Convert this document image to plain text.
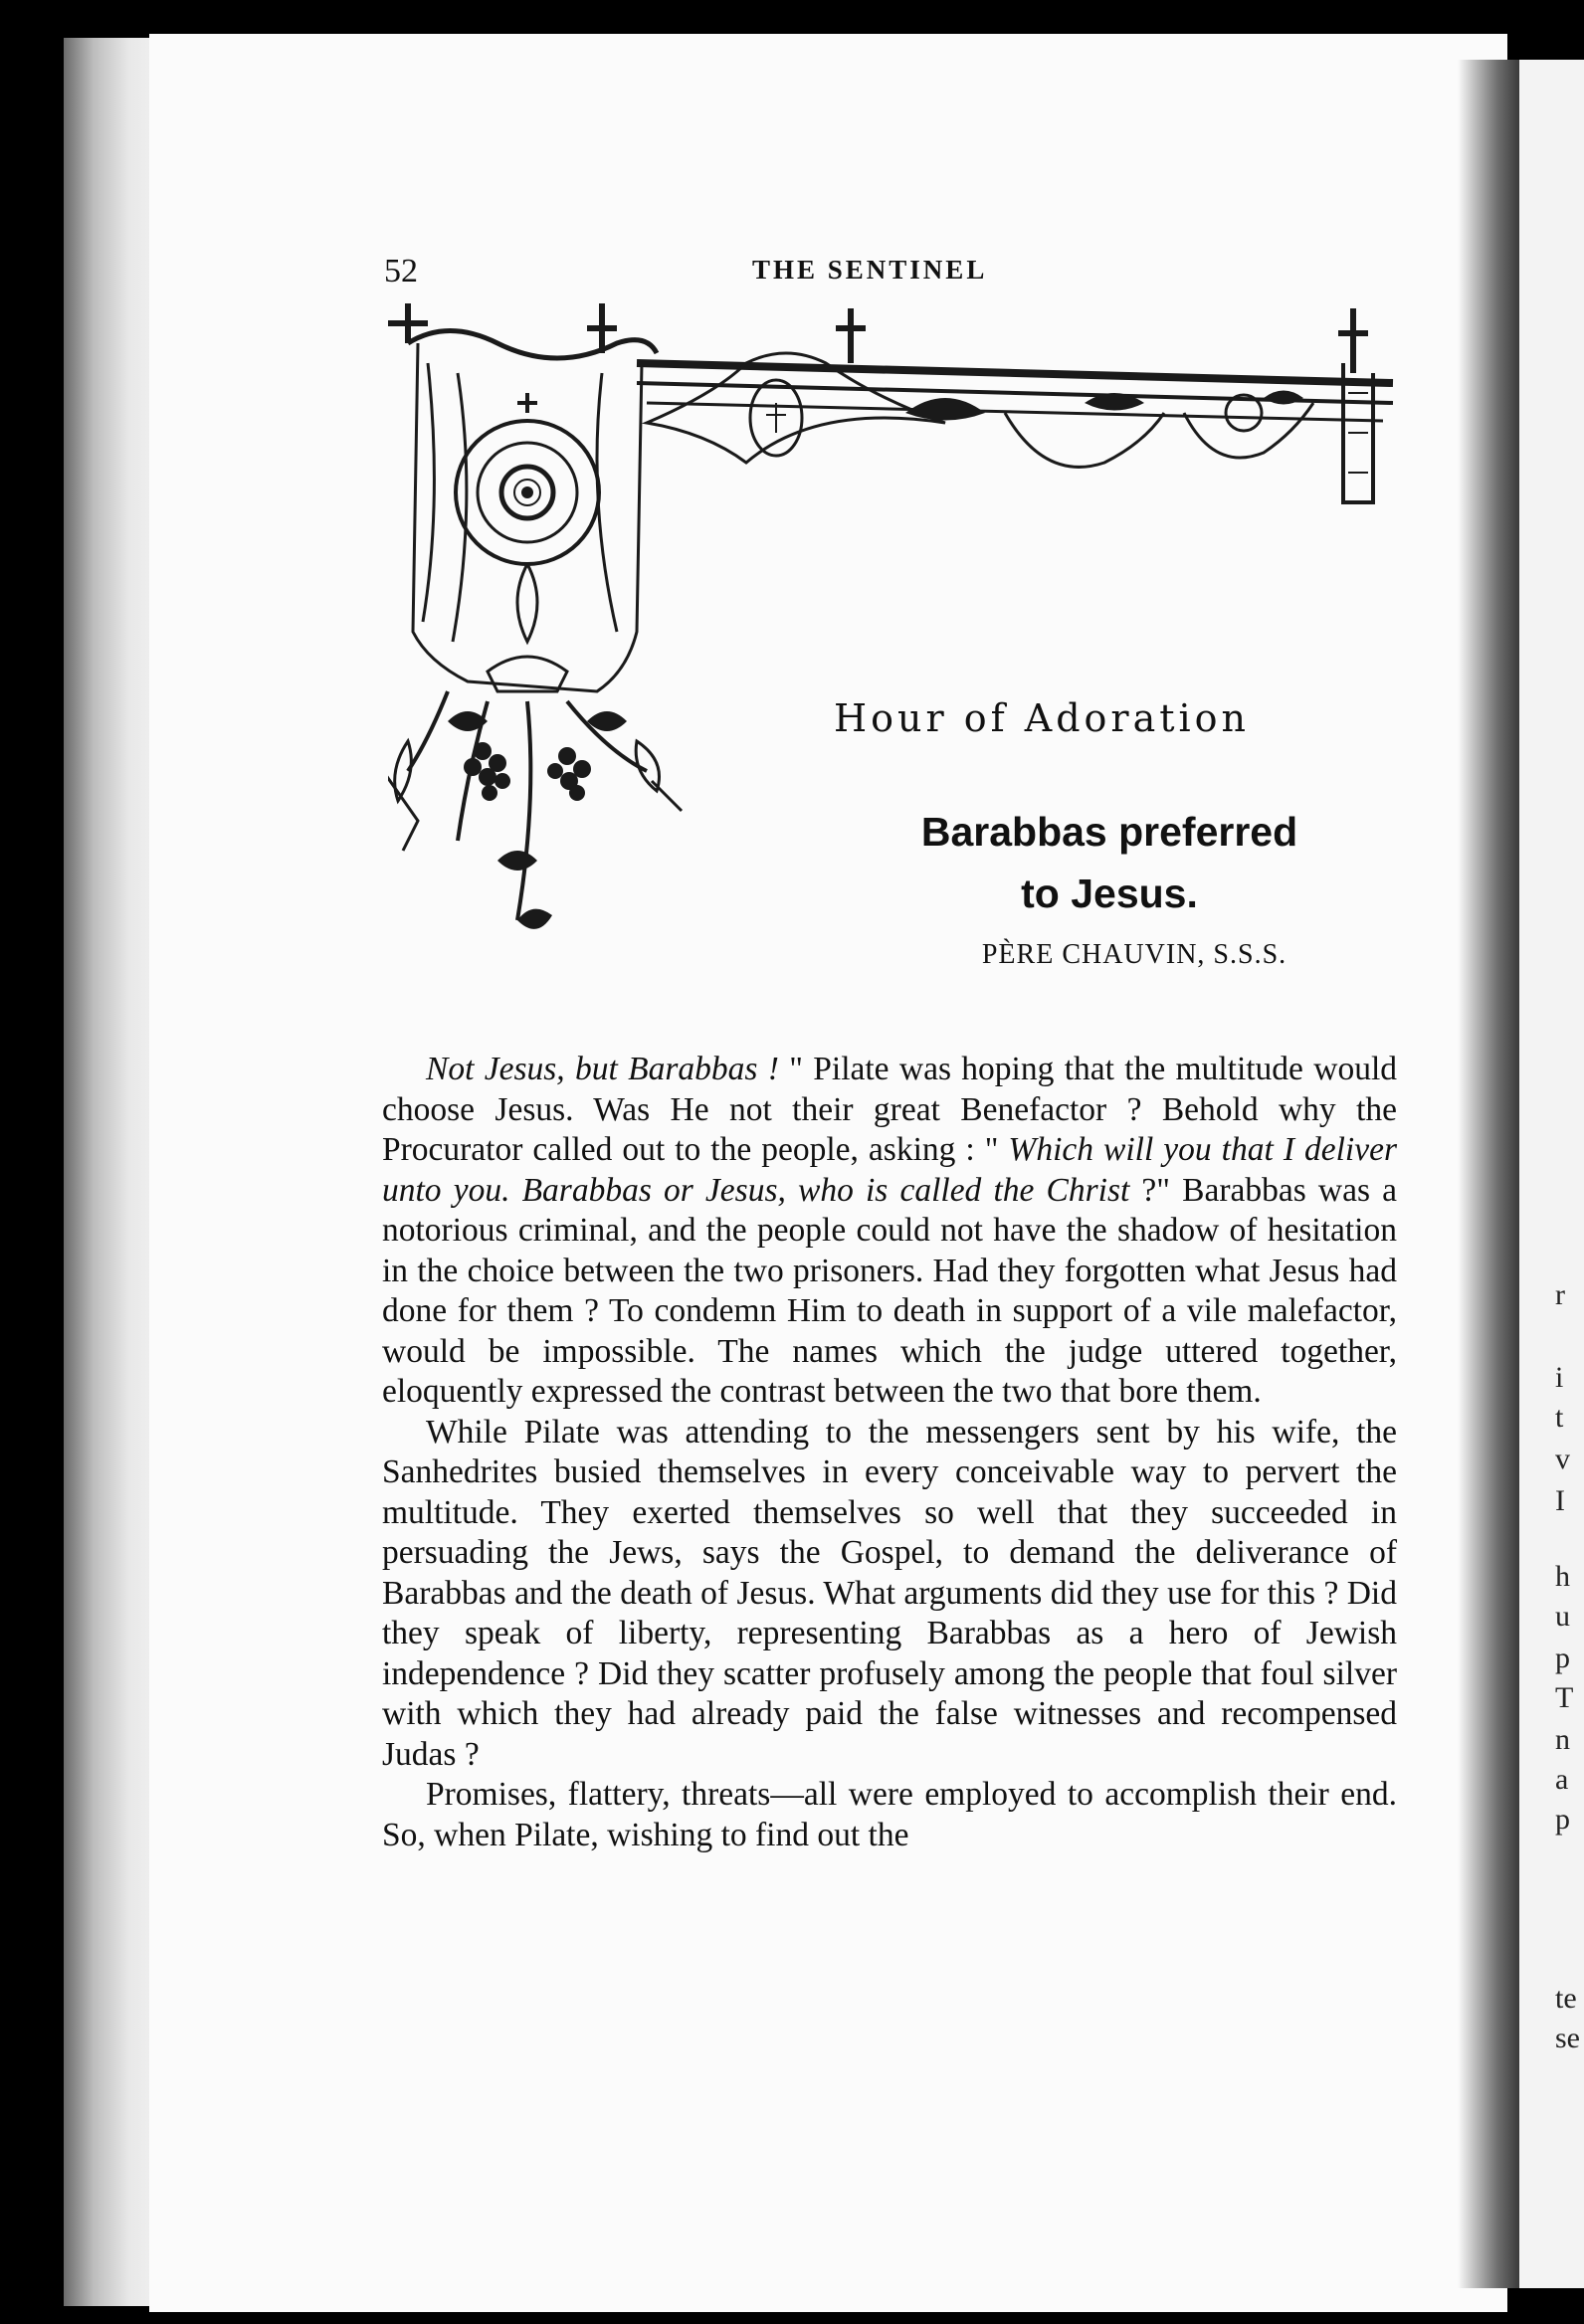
52	THE SENTINEL
Hour of Adoration
Barabbas preferred
to Jesus.
PÈRE CHAUVIN, S.S.S.

Not Jesus, but Barabbas ! " Pilate was hoping that the multitude would choose Jesus. Was He not their great Benefactor ? Behold why the Procurator called out to the people, asking : " Which will you that I deliver unto you. Barabbas or Jesus, who is called the Christ ?" Barabbas was a notorious criminal, and the people could not have the shadow of hesitation in the choice between the two prisoners. Had they forgotten what Jesus had done for them ? To condemn Him to death in support of a vile malefactor, would be impossible. The names which the judge uttered together, eloquently expressed the contrast between the two that bore them.

While Pilate was attending to the messengers sent by his wife, the Sanhedrites busied themselves in every conceivable way to pervert the multitude. They exerted themselves so well that they succeeded in persuading the Jews, says the Gospel, to demand the deliverance of Barabbas and the death of Jesus. What arguments did they use for this ? Did they speak of liberty, representing Barabbas as a hero of Jewish independence ? Did they scatter profusely among the people that foul silver with which they had already paid the false witnesses and recompensed Judas ?

Promises, flattery, threats—all were employed to accomplish their end. So, when Pilate, wishing to find out the

r
i
t
v
I
h
u
p
T
n
a
p
te
se
